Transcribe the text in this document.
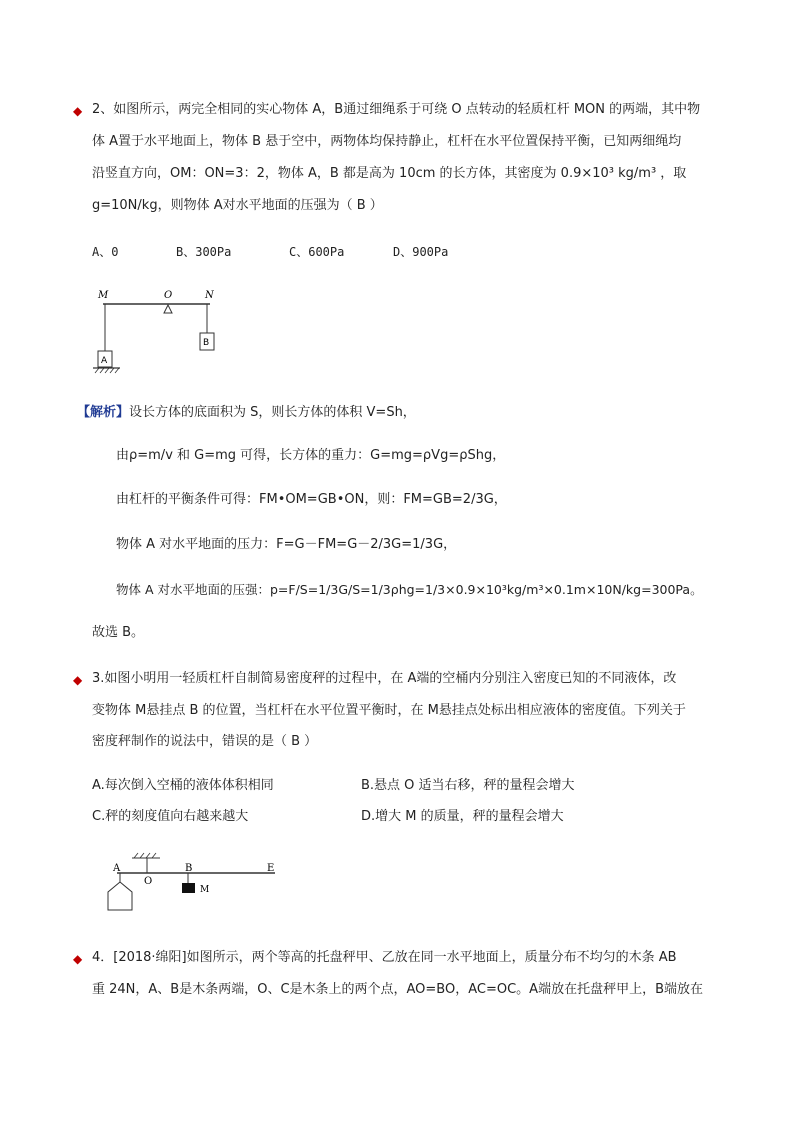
◆ 2、如图所示，两完全相同的实心物体 A，B通过细绳系于可绕 O 点转动的轻质杠杆 MON 的两端，其中物
体 A置于水平地面上，物体 B 悬于空中，两物体均保持静止，杠杆在水平位置保持平衡，已知两细绳均
沿竖直方向，OM：ON=3：2，物体 A，B 都是高为 10cm 的长方体，其密度为 0.9×10³ kg/m³ ，取
g=10N/kg，则物体 A对水平地面的压强为（ B ）
A、0	B、300Pa	C、600Pa	D、900Pa
M	O	N
A
B
【解析】设长方体的底面积为 S，则长方体的体积 V=Sh，
由ρ=m/v 和 G=mg 可得，长方体的重力：G=mg=ρVg=ρShg，
由杠杆的平衡条件可得：FM•OM=GB•ON，则：FM=GB=2/3G，
物体 A 对水平地面的压力：F=G－FM=G－2/3G=1/3G，
物体 A 对水平地面的压强：p=F/S=1/3G/S=1/3ρhg=1/3×0.9×10³kg/m³×0.1m×10N/kg=300Pa。
故选 B。
◆ 3.如图小明用一轻质杠杆自制简易密度秤的过程中，在 A端的空桶内分别注入密度已知的不同液体，改
变物体 M悬挂点 B 的位置，当杠杆在水平位置平衡时，在 M悬挂点处标出相应液体的密度值。下列关于
密度秤制作的说法中，错误的是（ B ）
A.每次倒入空桶的液体体积相同	B.悬点 O 适当右移，秤的量程会增大
C.秤的刻度值向右越来越大	D.增大 M 的质量，秤的量程会增大
A	B	E
O
M
◆ 4．[2018·绵阳]如图所示，两个等高的托盘秤甲、乙放在同一水平地面上，质量分布不均匀的木条 AB
重 24N，A、B是木条两端，O、C是木条上的两个点，AO=BO，AC=OC。A端放在托盘秤甲上，B端放在
